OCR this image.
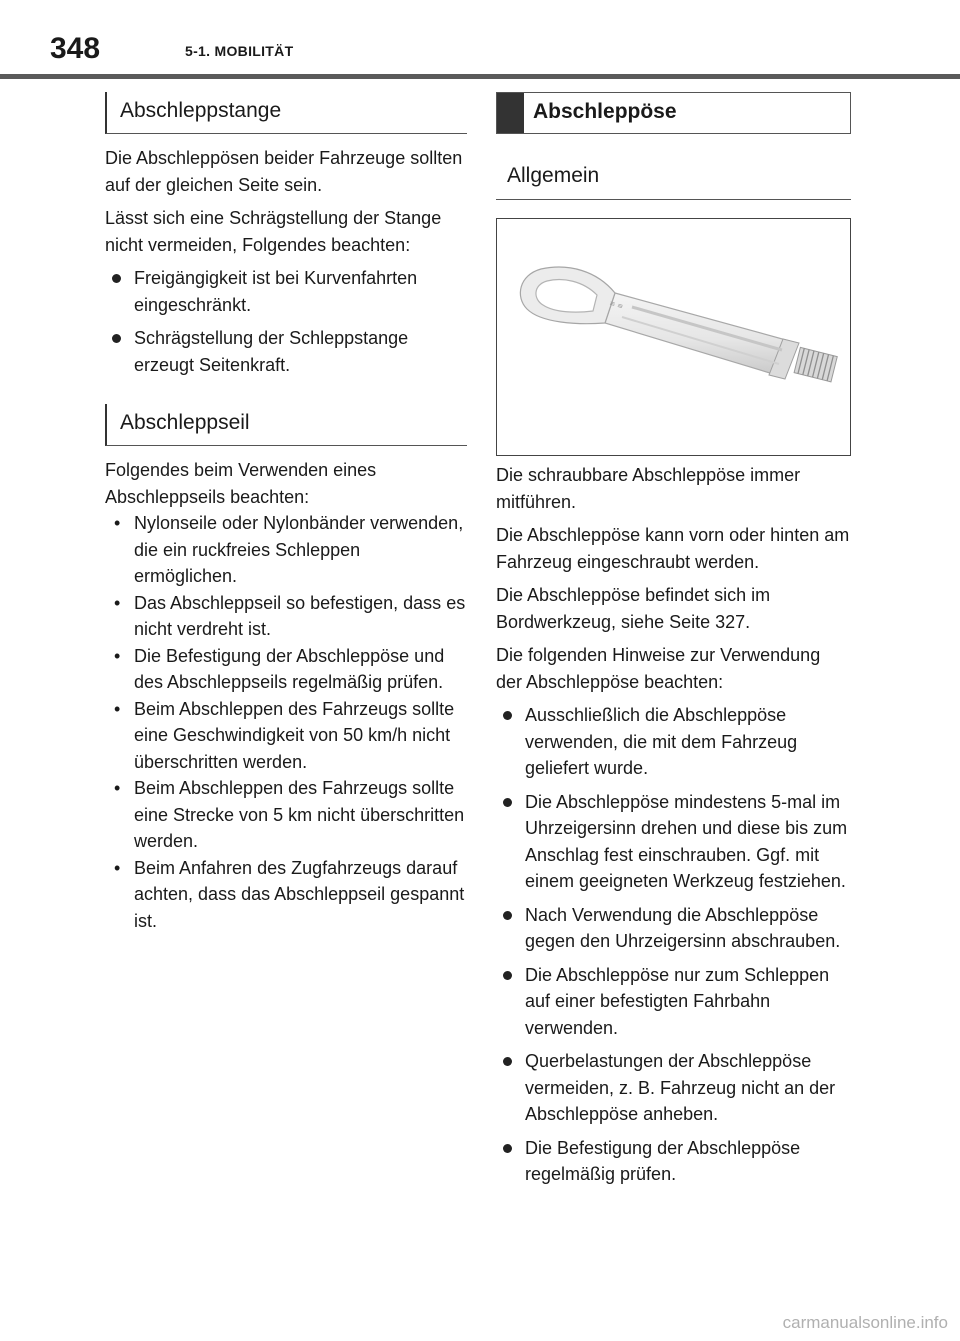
348	5-1. MOBILITÄT
Abschleppstange

Die Abschleppösen beider Fahrzeuge sollten auf der gleichen Seite sein.

Lässt sich eine Schrägstellung der Stange nicht vermeiden, Folgendes beachten:

Freigängigkeit ist bei Kurvenfahrten eingeschränkt.
Schrägstellung der Schleppstange erzeugt Seitenkraft.
Abschleppseil

Folgendes beim Verwenden eines Abschleppseils beachten:

• Nylonseile oder Nylonbänder verwenden, die ein ruckfreies Schleppen ermöglichen.
• Das Abschleppseil so befestigen, dass es nicht verdreht ist.
• Die Befestigung der Abschleppöse und des Abschleppseils regelmäßig prüfen.
• Beim Abschleppen des Fahrzeugs sollte eine Geschwindigkeit von 50 km/h nicht überschritten werden.
• Beim Abschleppen des Fahrzeugs sollte eine Strecke von 5 km nicht überschritten werden.
• Beim Anfahren des Zugfahrzeugs darauf achten, dass das Abschleppseil gespannt ist.
Abschleppöse
Allgemein
≡ ≡

Die schraubbare Abschleppöse immer mitführen.

Die Abschleppöse kann vorn oder hinten am Fahrzeug eingeschraubt werden.

Die Abschleppöse befindet sich im Bordwerkzeug, siehe Seite 327.

Die folgenden Hinweise zur Verwendung der Abschleppöse beachten:

Ausschließlich die Abschleppöse verwenden, die mit dem Fahrzeug geliefert wurde.
Die Abschleppöse mindestens 5-mal im Uhrzeigersinn drehen und diese bis zum Anschlag fest einschrauben. Ggf. mit einem geeigneten Werkzeug festziehen.
Nach Verwendung die Abschleppöse gegen den Uhrzeigersinn abschrauben.
Die Abschleppöse nur zum Schleppen auf einer befestigten Fahrbahn verwenden.
Querbelastungen der Abschleppöse vermeiden, z. B. Fahrzeug nicht an der Abschleppöse anheben.
Die Befestigung der Abschleppöse regelmäßig prüfen.
carmanualsonline.info
